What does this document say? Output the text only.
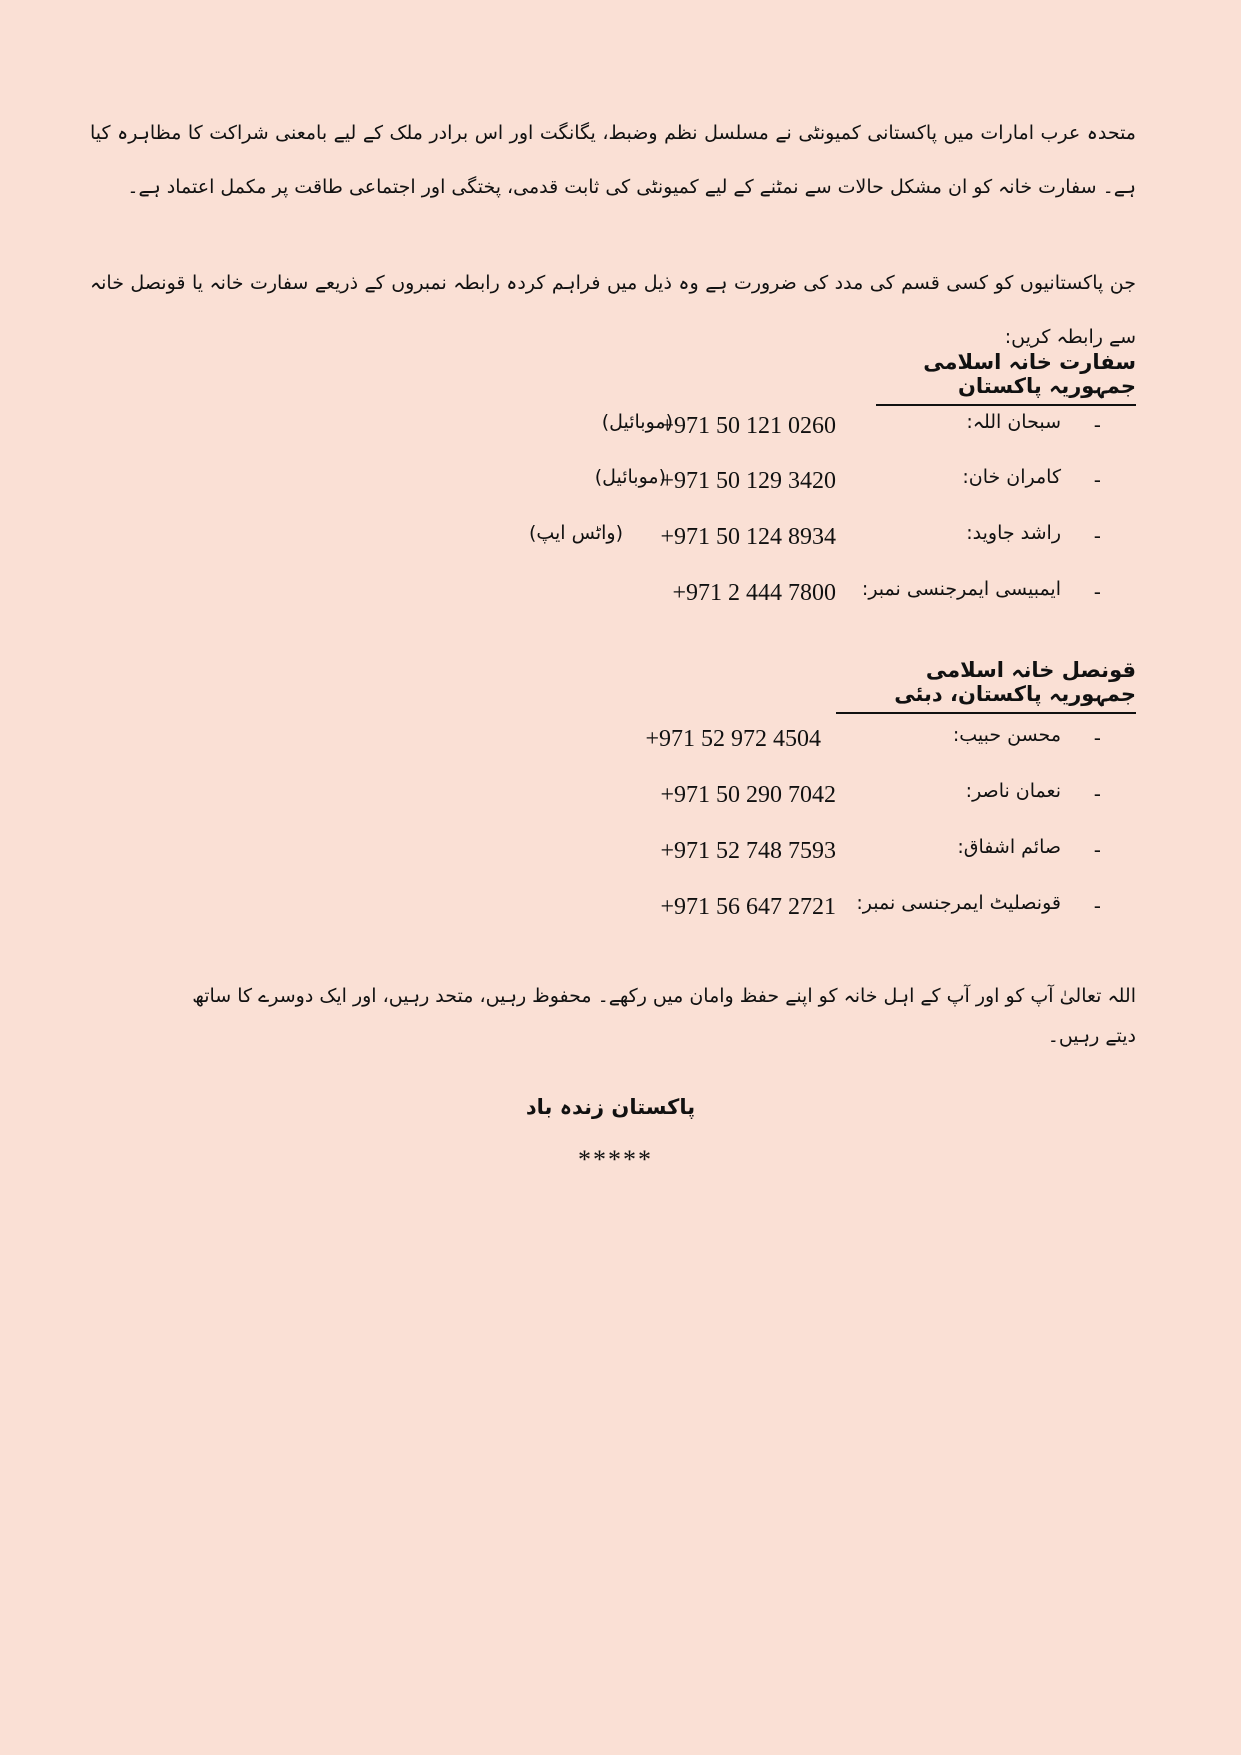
متحدہ عرب امارات میں پاکستانی کمیونٹی نے مسلسل نظم وضبط، یگانگت اور اس برادر ملک کے لیے بامعنی شراکت کا مظاہرہ کیا ہے۔ سفارت خانہ کو ان مشکل حالات سے نمٹنے کے لیے کمیونٹی کی ثابت قدمی، پختگی اور اجتماعی طاقت پر مکمل اعتماد ہے۔

جن پاکستانیوں کو کسی قسم کی مدد کی ضرورت ہے وہ ذیل میں فراہم کردہ رابطہ نمبروں کے ذریعے سفارت خانہ یا قونصل خانہ سے رابطہ کریں:

سفارت خانہ اسلامی جمہوریہ پاکستان
-
سبحان اللہ:
+971 50 121 0260
(موبائیل)
-
کامران خان:
+971 50 129 3420
(موبائیل)
-
راشد جاوید:
+971 50 124 8934
(واٹس ایپ)
-
ایمبیسی ایمرجنسی نمبر:
+971 2 444 7800
قونصل خانہ اسلامی جمہوریہ پاکستان، دبئی
-
محسن حبیب:
+971 52 972 4504
-
نعمان ناصر:
+971 50 290 7042
-
صائم اشفاق:
+971 52 748 7593
-
قونصلیٹ ایمرجنسی نمبر:
+971 56 647 2721
اللہ تعالیٰ آپ کو اور آپ کے اہل خانہ کو اپنے حفظ وامان میں رکھے۔ محفوظ رہیں، متحد رہیں، اور ایک دوسرے کا ساتھ دیتے رہیں۔
پاکستان زندہ باد
*****
